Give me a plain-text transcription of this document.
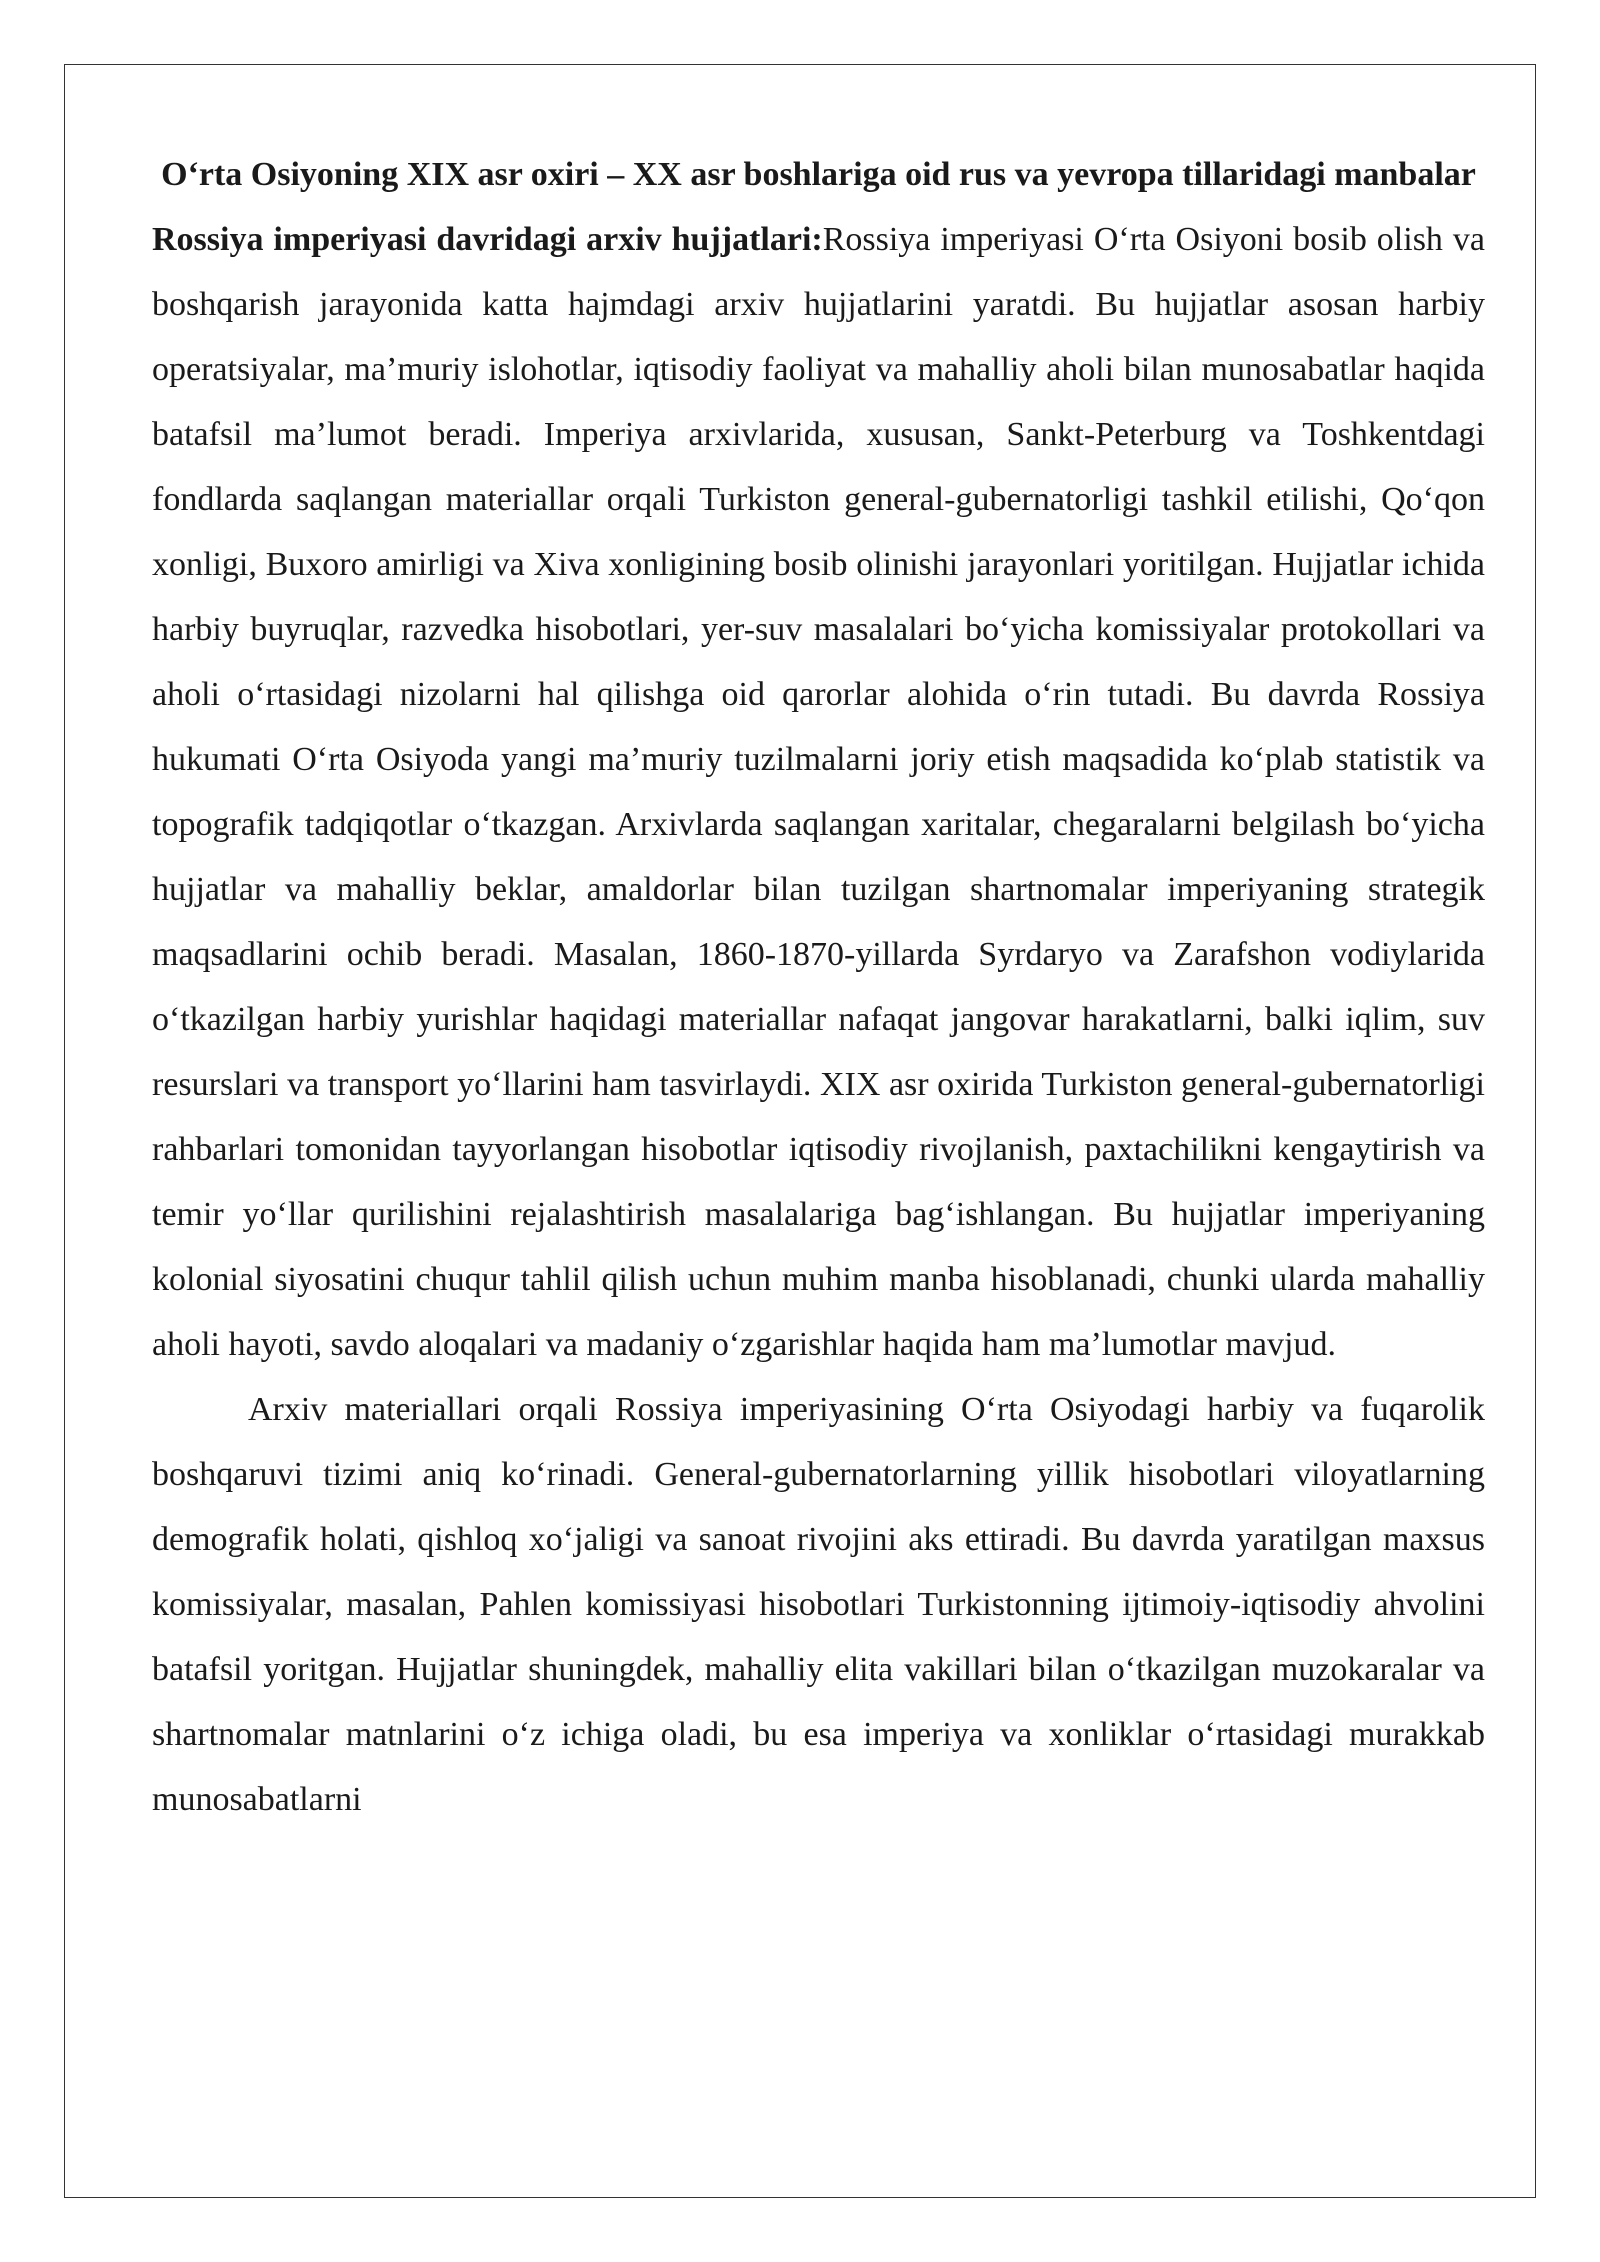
O‘rta Osiyoning XIX asr oxiri – XX asr boshlariga oid rus va yevropa tillaridagi manbalar

Rossiya imperiyasi davridagi arxiv hujjatlari:Rossiya imperiyasi O‘rta Osiyoni bosib olish va boshqarish jarayonida katta hajmdagi arxiv hujjatlarini yaratdi. Bu hujjatlar asosan harbiy operatsiyalar, ma’muriy islohotlar, iqtisodiy faoliyat va mahalliy aholi bilan munosabatlar haqida batafsil ma’lumot beradi. Imperiya arxivlarida, xususan, Sankt-Peterburg va Toshkentdagi fondlarda saqlangan materiallar orqali Turkiston general-gubernatorligi tashkil etilishi, Qo‘qon xonligi, Buxoro amirligi va Xiva xonligining bosib olinishi jarayonlari yoritilgan. Hujjatlar ichida harbiy buyruqlar, razvedka hisobotlari, yer-suv masalalari bo‘yicha komissiyalar protokollari va aholi o‘rtasidagi nizolarni hal qilishga oid qarorlar alohida o‘rin tutadi. Bu davrda Rossiya hukumati O‘rta Osiyoda yangi ma’muriy tuzilmalarni joriy etish maqsadida ko‘plab statistik va topografik tadqiqotlar o‘tkazgan. Arxivlarda saqlangan xaritalar, chegaralarni belgilash bo‘yicha hujjatlar va mahalliy beklar, amaldorlar bilan tuzilgan shartnomalar imperiyaning strategik maqsadlarini ochib beradi. Masalan, 1860-1870-yillarda Syrdaryo va Zarafshon vodiylarida o‘tkazilgan harbiy yurishlar haqidagi materiallar nafaqat jangovar harakatlarni, balki iqlim, suv resurslari va transport yo‘llarini ham tasvirlaydi. XIX asr oxirida Turkiston general-gubernatorligi rahbarlari tomonidan tayyorlangan hisobotlar iqtisodiy rivojlanish, paxtachilikni kengaytirish va temir yo‘llar qurilishini rejalashtirish masalalariga bag‘ishlangan. Bu hujjatlar imperiyaning kolonial siyosatini chuqur tahlil qilish uchun muhim manba hisoblanadi, chunki ularda mahalliy aholi hayoti, savdo aloqalari va madaniy o‘zgarishlar haqida ham ma’lumotlar mavjud.

Arxiv materiallari orqali Rossiya imperiyasining O‘rta Osiyodagi harbiy va fuqarolik boshqaruvi tizimi aniq ko‘rinadi. General-gubernatorlarning yillik hisobotlari viloyatlarning demografik holati, qishloq xo‘jaligi va sanoat rivojini aks ettiradi. Bu davrda yaratilgan maxsus komissiyalar, masalan, Pahlen komissiyasi hisobotlari Turkistonning ijtimoiy-iqtisodiy ahvolini batafsil yoritgan. Hujjatlar shuningdek, mahalliy elita vakillari bilan o‘tkazilgan muzokaralar va shartnomalar matnlarini o‘z ichiga oladi, bu esa imperiya va xonliklar o‘rtasidagi murakkab munosabatlarni
